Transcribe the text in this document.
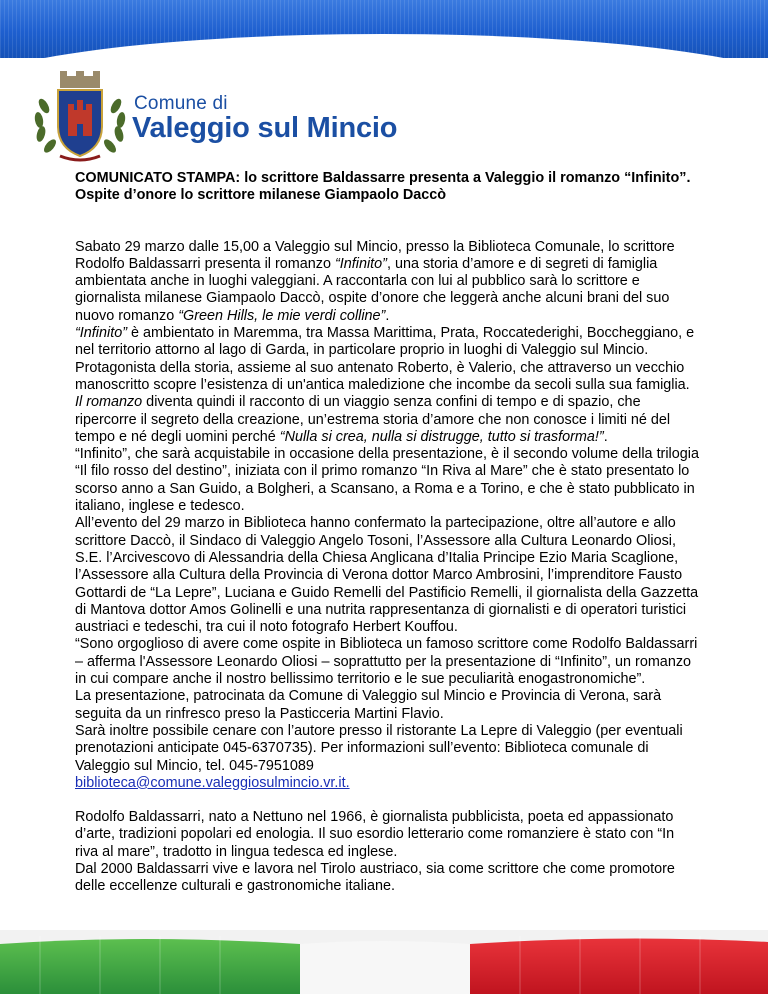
Comune di
Valeggio sul Mincio

COMUNICATO STAMPA: lo scrittore Baldassarre presenta a Valeggio il romanzo “Infinito”. Ospite d’onore lo scrittore milanese Giampaolo Daccò

Sabato 29 marzo dalle 15,00 a Valeggio sul Mincio, presso la Biblioteca Comunale, lo scrittore Rodolfo Baldassarri presenta il romanzo “Infinito”, una storia d’amore e di segreti di famiglia ambientata anche in luoghi valeggiani. A raccontarla con lui al pubblico sarà lo scrittore e giornalista milanese Giampaolo Daccò, ospite d’onore che leggerà anche alcuni brani del suo nuovo romanzo “Green Hills, le mie verdi colline”.

“Infinito” è ambientato in Maremma, tra Massa Marittima, Prata, Roccatederighi, Boccheggiano, e nel territorio attorno al lago di Garda, in particolare proprio in luoghi di Valeggio sul Mincio. Protagonista della storia, assieme al suo antenato Roberto, è Valerio, che attraverso un vecchio manoscritto scopre l’esistenza di un'antica maledizione che incombe da secoli sulla sua famiglia. Il romanzo diventa quindi il racconto di un viaggio senza confini di tempo e di spazio, che ripercorre il segreto della creazione, un’estrema storia d’amore che non conosce i limiti né del tempo e né degli uomini perché “Nulla si crea, nulla si distrugge, tutto si trasforma!”.

“Infinito”, che sarà acquistabile in occasione della presentazione, è il secondo volume della trilogia “Il filo rosso del destino”, iniziata con il primo romanzo “In Riva al Mare” che è stato presentato lo scorso anno a San Guido, a Bolgheri, a Scansano, a Roma e a Torino, e che è stato pubblicato in italiano, inglese e tedesco.

All’evento del 29 marzo in Biblioteca hanno confermato la partecipazione, oltre all’autore e allo scrittore Daccò, il Sindaco di Valeggio Angelo Tosoni, l’Assessore alla Cultura Leonardo Oliosi, S.E. l’Arcivescovo di Alessandria della Chiesa Anglicana d’Italia Principe Ezio Maria Scaglione, l’Assessore alla Cultura della Provincia di Verona dottor Marco Ambrosini, l’imprenditore Fausto Gottardi de “La Lepre”, Luciana e Guido Remelli del Pastificio Remelli, il giornalista della Gazzetta di Mantova dottor Amos Golinelli e una nutrita rappresentanza di giornalisti e di operatori turistici austriaci e tedeschi, tra cui il noto fotografo Herbert Kouffou.

“Sono orgoglioso di avere come ospite in Biblioteca un famoso scrittore come Rodolfo Baldassarri – afferma l'Assessore Leonardo Oliosi – soprattutto per la presentazione di “Infinito”, un romanzo in cui compare anche il nostro bellissimo territorio e le sue peculiarità enogastronomiche”.

La presentazione, patrocinata da Comune di Valeggio sul Mincio e Provincia di Verona, sarà seguita da un rinfresco preso la Pasticceria Martini Flavio.

Sarà inoltre possibile cenare con l’autore presso il ristorante La Lepre di Valeggio (per eventuali prenotazioni anticipate 045-6370735). Per informazioni sull’evento: Biblioteca comunale di Valeggio sul Mincio, tel. 045-7951089

biblioteca@comune.valeggiosulmincio.vr.it.

Rodolfo Baldassarri, nato a Nettuno nel 1966, è giornalista pubblicista, poeta ed appassionato d’arte, tradizioni popolari ed enologia. Il suo esordio letterario come romanziere è stato con “In riva al mare”, tradotto in lingua tedesca ed inglese.

Dal 2000 Baldassarri vive e lavora nel Tirolo austriaco, sia come scrittore che come promotore delle eccellenze culturali e gastronomiche italiane.
